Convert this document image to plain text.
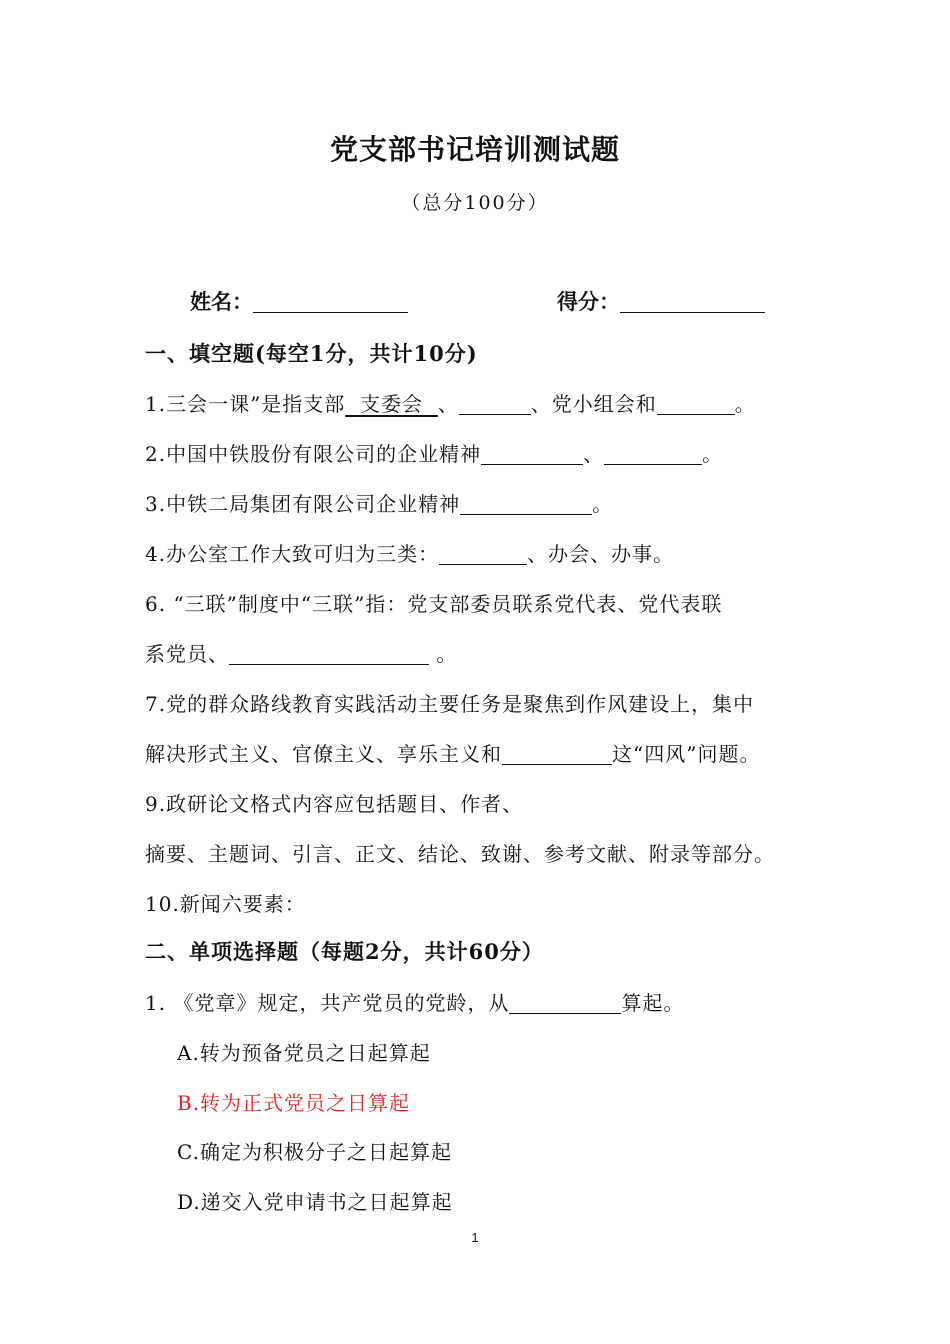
党支部书记培训测试题
（总分100分）
姓名：	得分：
一、填空题(每空1分，共计10分)
1.三会一课”是指支部  支委会  、	、党小组会和	。
2.中国中铁股份有限公司的企业精神	、	。
3.中铁二局集团有限公司企业精神	。
4.办公室工作大致可归为三类：	、办会、办事。
6. “三联”制度中“三联”指：党支部委员联系党代表、党代表联
系党员、	。
7.党的群众路线教育实践活动主要任务是聚焦到作风建设上，集中
解决形式主义、官僚主义、享乐主义和	这“四风”问题。
9.政研论文格式内容应包括题目、作者、
摘要、主题词、引言、正文、结论、致谢、参考文献、附录等部分。
10.新闻六要素：
二、单项选择题（每题2分，共计60分）
1. 《党章》规定，共产党员的党龄，从	算起。
A.转为预备党员之日起算起
B.转为正式党员之日算起
C.确定为积极分子之日起算起
D.递交入党申请书之日起算起
1
